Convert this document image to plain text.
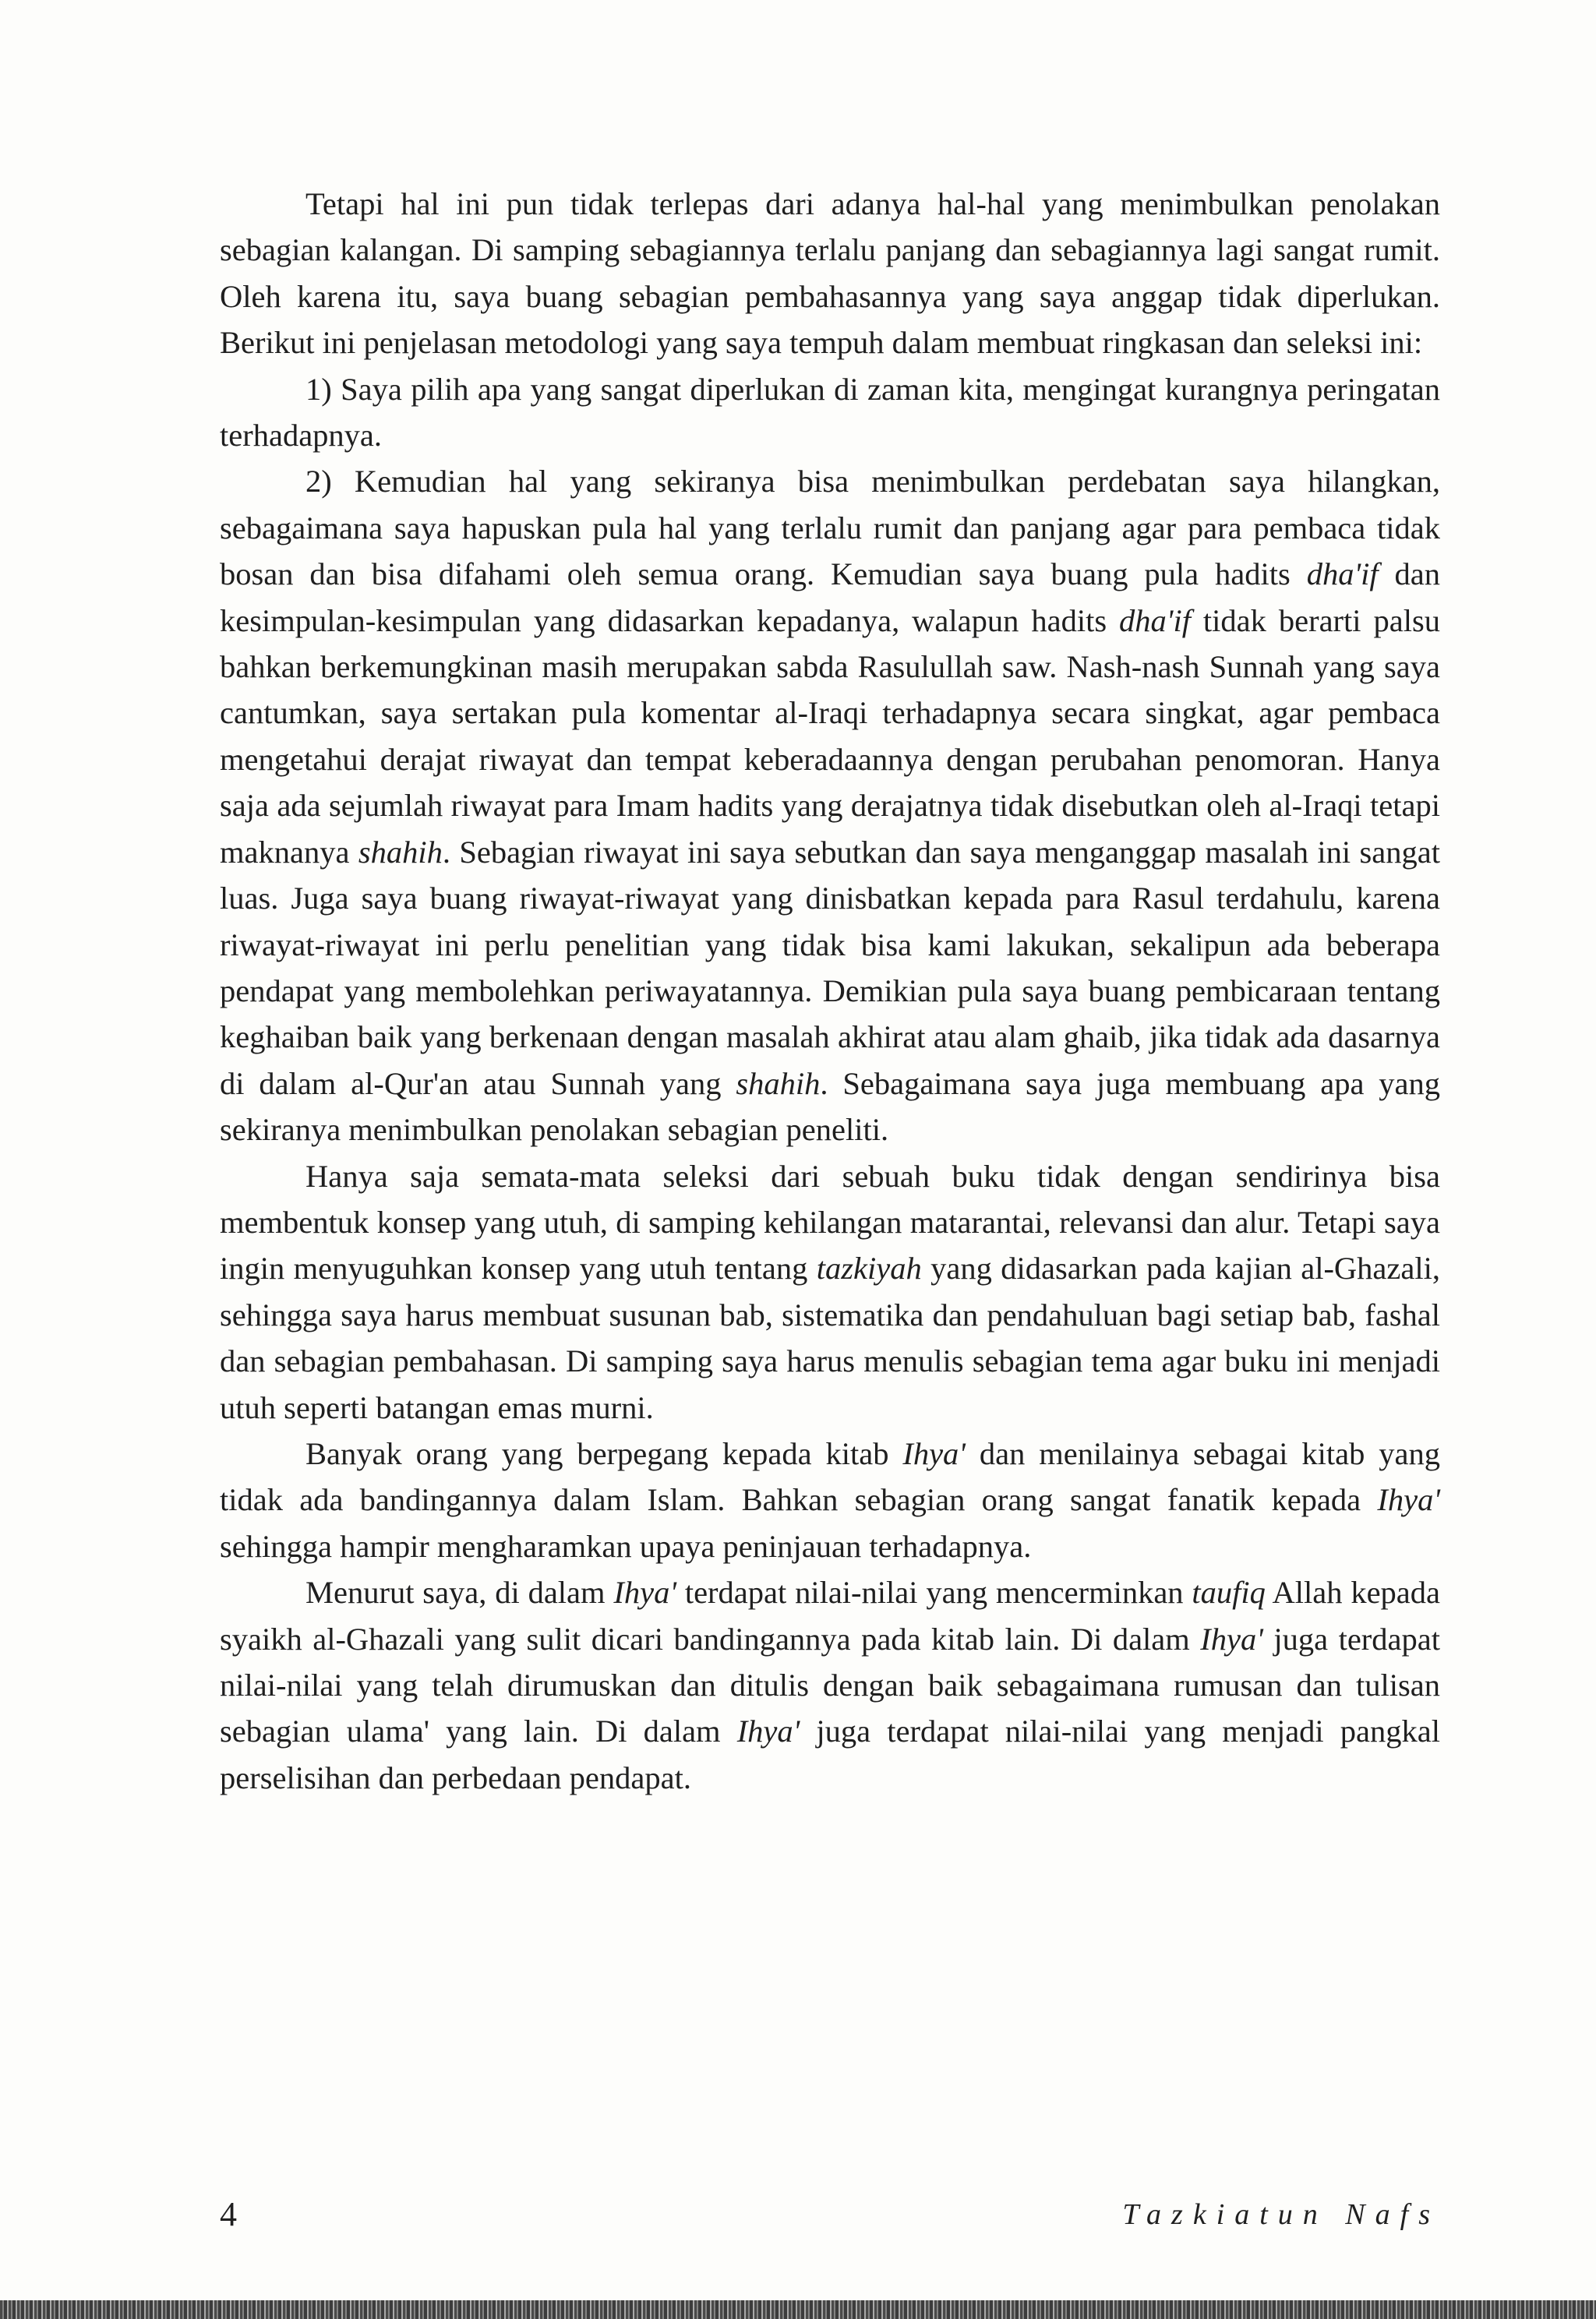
Tetapi hal ini pun tidak terlepas dari adanya hal-hal yang menimbulkan penolakan sebagian kalangan. Di samping sebagiannya terlalu panjang dan sebagiannya lagi sangat rumit. Oleh karena itu, saya buang sebagian pembahasannya yang saya anggap tidak diperlukan. Berikut ini penjelasan metodologi yang saya tempuh dalam membuat ringkasan dan seleksi ini:

1) Saya pilih apa yang sangat diperlukan di zaman kita, mengingat kurangnya peringatan terhadapnya.

2) Kemudian hal yang sekiranya bisa menimbulkan perdebatan saya hilangkan, sebagaimana saya hapuskan pula hal yang terlalu rumit dan panjang agar para pembaca tidak bosan dan bisa difahami oleh semua orang. Kemudian saya buang pula hadits dha'if dan kesimpulan-kesimpulan yang didasarkan kepadanya, walapun hadits dha'if tidak berarti palsu bahkan berkemungkinan masih merupakan sabda Rasulullah saw. Nash-nash Sunnah yang saya cantumkan, saya sertakan pula komentar al-Iraqi terhadapnya secara singkat, agar pembaca mengetahui derajat riwayat dan tempat keberadaannya dengan perubahan penomoran. Hanya saja ada sejumlah riwayat para Imam hadits yang derajatnya tidak disebutkan oleh al-Iraqi tetapi maknanya shahih. Sebagian riwayat ini saya sebutkan dan saya menganggap masalah ini sangat luas. Juga saya buang riwayat-riwayat yang dinisbatkan kepada para Rasul terdahulu, karena riwayat-riwayat ini perlu penelitian yang tidak bisa kami lakukan, sekalipun ada beberapa pendapat yang membolehkan periwayatannya. Demikian pula saya buang pembicaraan tentang keghaiban baik yang berkenaan dengan masalah akhirat atau alam ghaib, jika tidak ada dasarnya di dalam al-Qur'an atau Sunnah yang shahih. Sebagaimana saya juga membuang apa yang sekiranya menimbulkan penolakan sebagian peneliti.

Hanya saja semata-mata seleksi dari sebuah buku tidak dengan sendirinya bisa membentuk konsep yang utuh, di samping kehilangan matarantai, relevansi dan alur. Tetapi saya ingin menyuguhkan konsep yang utuh tentang tazkiyah yang didasarkan pada kajian al-Ghazali, sehingga saya harus membuat susunan bab, sistematika dan pendahuluan bagi setiap bab, fashal dan sebagian pembahasan. Di samping saya harus menulis sebagian tema agar buku ini menjadi utuh seperti batangan emas murni.

Banyak orang yang berpegang kepada kitab Ihya' dan menilainya sebagai kitab yang tidak ada bandingannya dalam Islam. Bahkan sebagian orang sangat fanatik kepada Ihya' sehingga hampir mengharamkan upaya peninjauan terhadapnya.

Menurut saya, di dalam Ihya' terdapat nilai-nilai yang mencerminkan taufiq Allah kepada syaikh al-Ghazali yang sulit dicari bandingannya pada kitab lain. Di dalam Ihya' juga terdapat nilai-nilai yang telah dirumuskan dan ditulis dengan baik sebagaimana rumusan dan tulisan sebagian ulama' yang lain. Di dalam Ihya' juga terdapat nilai-nilai yang menjadi pangkal perselisihan dan perbedaan pendapat.

4	Tazkiatun Nafs
